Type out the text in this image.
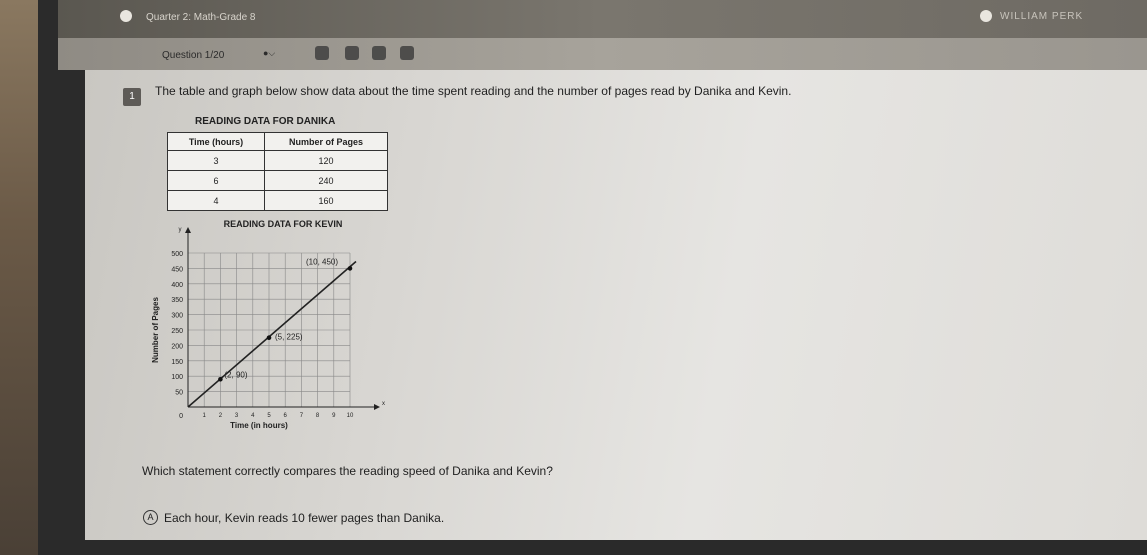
Quarter 2: Math-Grade 8	WILLIAM PERK
Question 1/20	●⌵
1	The table and graph below show data about the time spent reading and the number of pages read by Danika and Kevin.
READING DATA FOR DANIKA
Time (hours)	Number of Pages
3	120
6	240
4	160
READING DATA FOR KEVIN
x
y
1 2 3 4 5 6 7 8 9 10
50
100
150
200
250
300
350
400
450
500
0
Time (in hours)
Number of Pages
(2, 90)
(5, 225)
(10, 450)
Which statement correctly compares the reading speed of Danika and Kevin?
A Each hour, Kevin reads 10 fewer pages than Danika.
